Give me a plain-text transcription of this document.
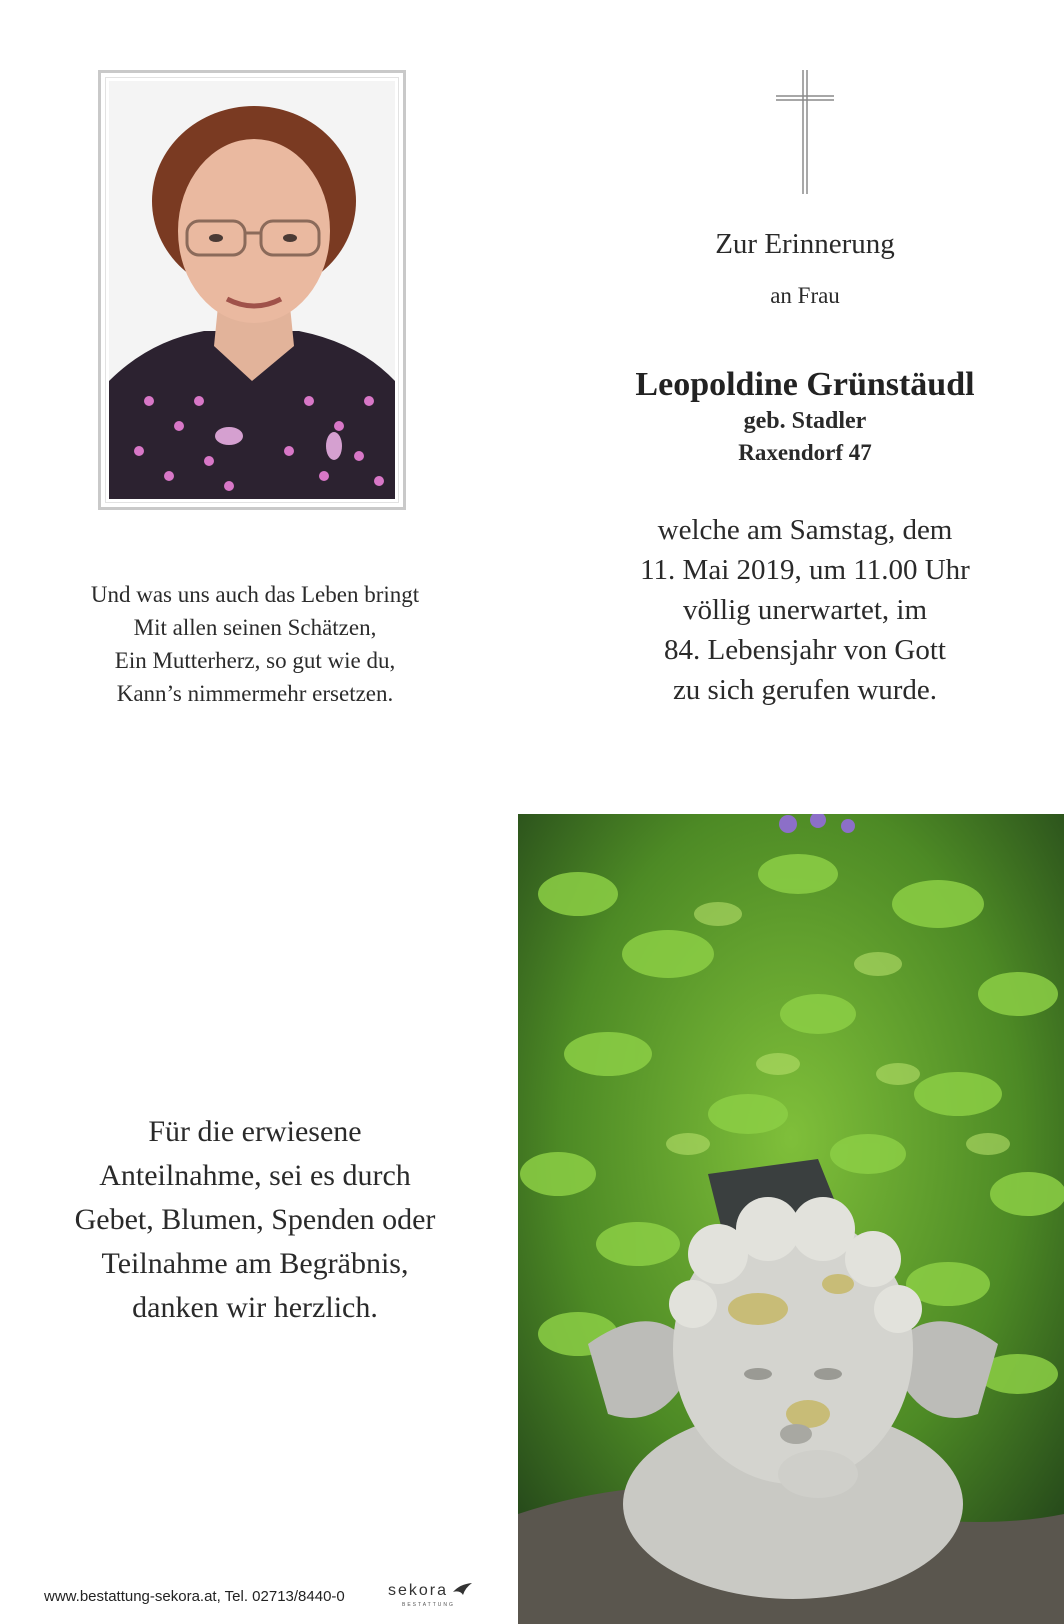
Und was uns auch das Leben bringt
Mit allen seinen Schätzen,
Ein Mutterherz, so gut wie du,
Kann’s nimmermehr ersetzen.
Zur Erinnerung
an Frau
Leopoldine Grünstäudl
geb. Stadler
Raxendorf 47
welche am Samstag, dem
11. Mai 2019, um 11.00 Uhr
völlig unerwartet, im
84. Lebensjahr von Gott
zu sich gerufen wurde.
Für die erwiesene
Anteilnahme, sei es durch
Gebet, Blumen, Spenden oder
Teilnahme am Begräbnis,
danken wir herzlich.
www.bestattung-sekora.at, Tel. 02713/8440-0	sekora
BESTATTUNG
